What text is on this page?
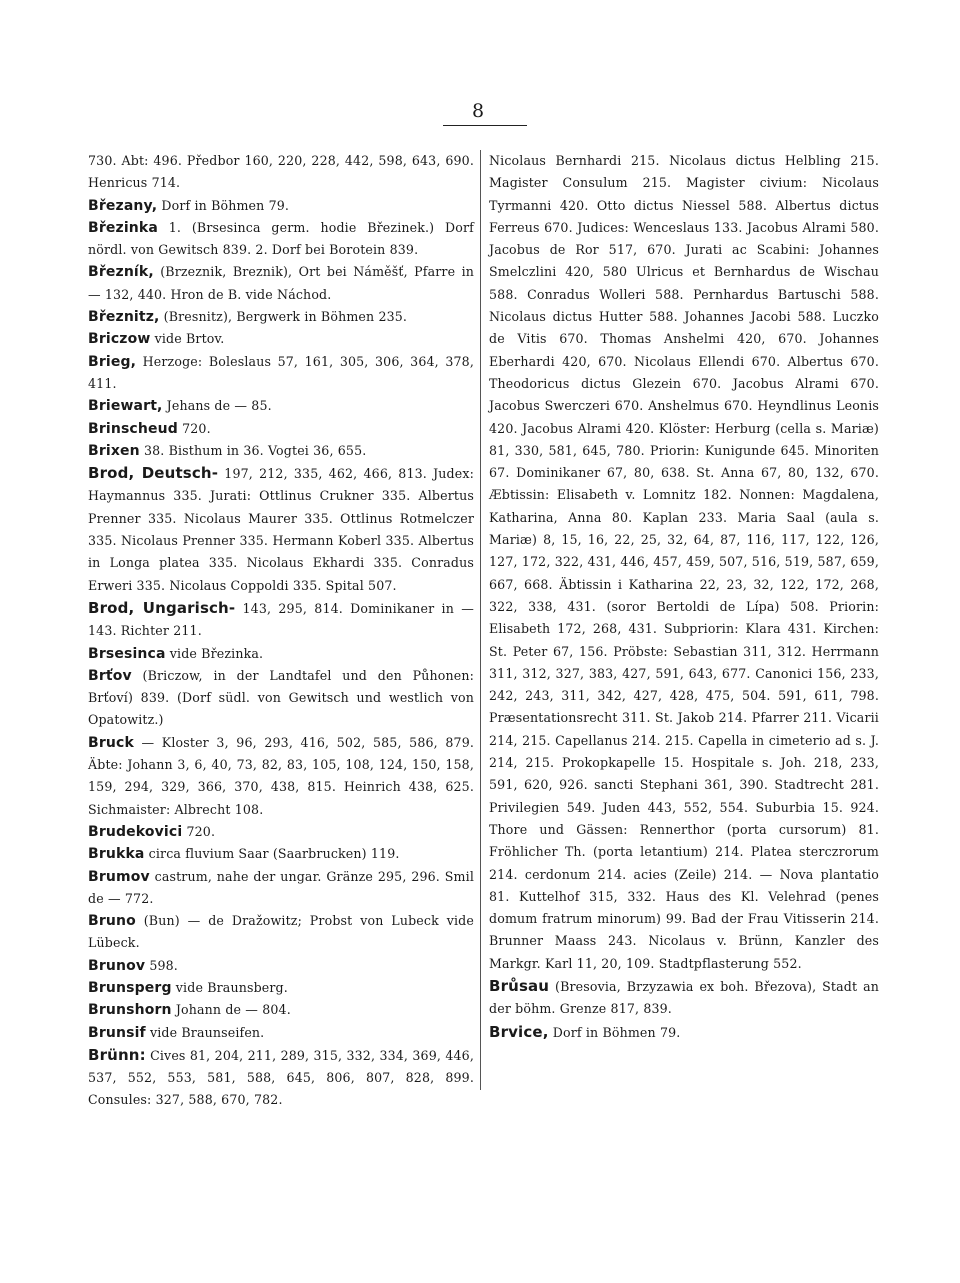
8
730. Abt: 496. Předbor 160, 220, 228, 442, 598, 643, 690. Henricus 714.
Březany, Dorf in Böhmen 79.
Březinka 1. (Brsesinca germ. hodie Březinek.) Dorf nördl. von Gewitsch 839. 2. Dorf bei Borotein 839.
Březník, (Brzeznik, Breznik), Ort bei Náměšť, Pfarre in — 132, 440. Hron de B. vide Náchod.
Březnitz, (Bresnitz), Bergwerk in Böhmen 235.
Briczow vide Brtov.
Brieg, Herzoge: Boleslaus 57, 161, 305, 306, 364, 378, 411.
Briewart, Jehans de — 85.
Brinscheud 720.
Brixen 38. Bisthum in 36. Vogtei 36, 655.
Brod, Deutsch- 197, 212, 335, 462, 466, 813. Judex: Haymannus 335. Jurati: Ottlinus Crukner 335. Albertus Prenner 335. Nicolaus Maurer 335. Ottlinus Rotmelczer 335. Nicolaus Prenner 335. Hermann Koberl 335. Albertus in Longa platea 335. Nicolaus Ekhardi 335. Conradus Erweri 335. Nicolaus Coppoldi 335. Spital 507.
Brod, Ungarisch- 143, 295, 814. Dominikaner in — 143. Richter 211.
Brsesinca vide Březinka.
Brťov (Briczow, in der Landtafel und den Půhonen: Brťoví) 839. (Dorf südl. von Gewitsch und westlich von Opatowitz.)
Bruck — Kloster 3, 96, 293, 416, 502, 585, 586, 879. Äbte: Johann 3, 6, 40, 73, 82, 83, 105, 108, 124, 150, 158, 159, 294, 329, 366, 370, 438, 815. Heinrich 438, 625. Sichmaister: Albrecht 108.
Brudekovici 720.
Brukka circa fluvium Saar (Saarbrucken) 119.
Brumov castrum, nahe der ungar. Gränze 295, 296. Smil de — 772.
Bruno (Bun) — de Dražowitz; Probst von Lubeck vide Lübeck.
Brunov 598.
Brunsperg vide Braunsberg.
Brunshorn Johann de — 804.
Brunsif vide Braunseifen.
Brünn: Cives 81, 204, 211, 289, 315, 332, 334, 369, 446, 537, 552, 553, 581, 588, 645, 806, 807, 828, 899. Consules: 327, 588, 670, 782.
Nicolaus Bernhardi 215. Nicolaus dictus Helbling 215. Magister Consulum 215. Magister civium: Nicolaus Tyrmanni 420. Otto dictus Niessel 588. Albertus dictus Ferreus 670. Judices: Wenceslaus 133. Jacobus Alrami 580. Jacobus de Ror 517, 670. Jurati ac Scabini: Johannes Smelczlini 420, 580 Ulricus et Bernhardus de Wischau 588. Conradus Wolleri 588. Pernhardus Bartuschi 588. Nicolaus dictus Hutter 588. Johannes Jacobi 588. Luczko de Vitis 670. Thomas Anshelmi 420, 670. Johannes Eberhardi 420, 670. Nicolaus Ellendi 670. Albertus 670. Theodoricus dictus Glezein 670. Jacobus Alrami 670. Jacobus Swerczeri 670. Anshelmus 670. Heyndlinus Leonis 420. Jacobus Alrami 420. Klöster: Herburg (cella s. Mariæ) 81, 330, 581, 645, 780. Priorin: Kunigunde 645. Minoriten 67. Dominikaner 67, 80, 638. St. Anna 67, 80, 132, 670. Æbtissin: Elisabeth v. Lomnitz 182. Nonnen: Magdalena, Katharina, Anna 80. Kaplan 233. Maria Saal (aula s. Mariæ) 8, 15, 16, 22, 25, 32, 64, 87, 116, 117, 122, 126, 127, 172, 322, 431, 446, 457, 459, 507, 516, 519, 587, 659, 667, 668. Äbtissin i Katharina 22, 23, 32, 122, 172, 268, 322, 338, 431. (soror Bertoldi de Lípa) 508. Priorin: Elisabeth 172, 268, 431. Subpriorin: Klara 431. Kirchen: St. Peter 67, 156. Pröbste: Sebastian 311, 312. Herrmann 311, 312, 327, 383, 427, 591, 643, 677. Canonici 156, 233, 242, 243, 311, 342, 427, 428, 475, 504. 591, 611, 798. Præsentationsrecht 311. St. Jakob 214. Pfarrer 211. Vicarii 214, 215. Capellanus 214. 215. Capella in cimeterio ad s. J. 214, 215. Prokopkapelle 15. Hospitale s. Joh. 218, 233, 591, 620, 926. sancti Stephani 361, 390. Stadtrecht 281. Privilegien 549. Juden 443, 552, 554. Suburbia 15. 924. Thore und Gässen: Rennerthor (porta cursorum) 81. Fröhlicher Th. (porta letantium) 214. Platea sterczrorum 214. cerdonum 214. acies (Zeile) 214. — Nova plantatio 81. Kuttelhof 315, 332. Haus des Kl. Velehrad (penes domum fratrum minorum) 99. Bad der Frau Vitisserin 214. Brunner Maass 243. Nicolaus v. Brünn, Kanzler des Markgr. Karl 11, 20, 109. Stadtpflasterung 552.
Brůsau (Bresovia, Brzyzawia ex boh. Březova), Stadt an der böhm. Grenze 817, 839.
Brvice, Dorf in Böhmen 79.
